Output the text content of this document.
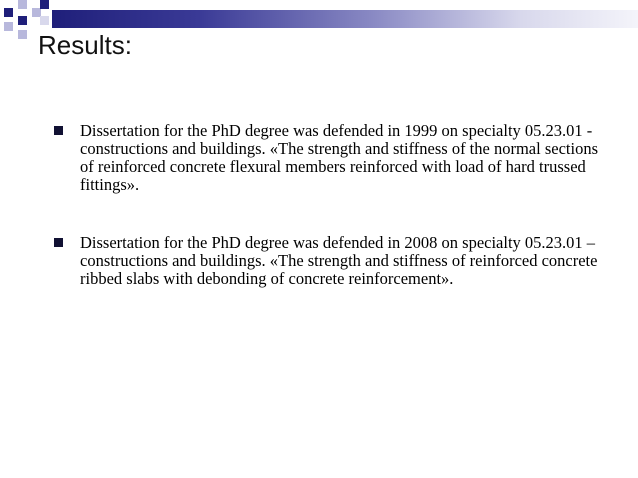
Results:
Dissertation for the PhD degree was defended in 1999 on specialty 05.23.01 - constructions and buildings. «The strength and stiffness of the normal sections of reinforced concrete flexural members reinforced with load of hard trussed fittings».
Dissertation for the PhD degree was defended in 2008 on specialty 05.23.01 – constructions and buildings. «The strength and stiffness of reinforced concrete ribbed slabs with debonding of concrete reinforcement».
